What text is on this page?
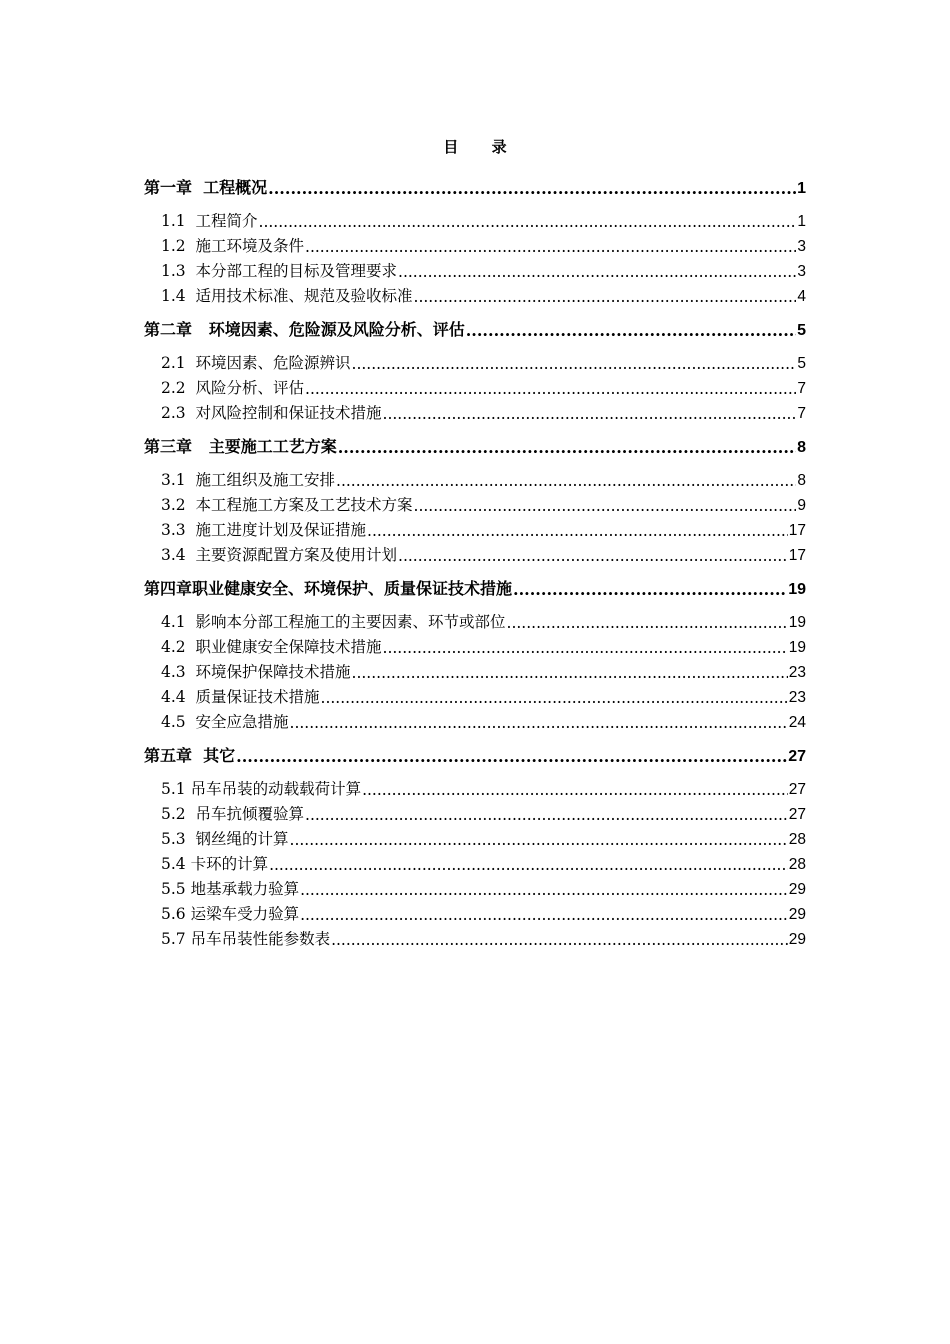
目 录
第一章  工程概况 .....	1
1.1  工程简介 .....	1
1.2  施工环境及条件 .....	3
1.3  本分部工程的目标及管理要求 .....	3
1.4  适用技术标准、规范及验收标准 .....	4
第二章   环境因素、危险源及风险分析、评估 .....	5
2.1  环境因素、危险源辨识 .....	5
2.2  风险分析、评估 .....	7
2.3  对风险控制和保证技术措施 .....	7
第三章   主要施工工艺方案 .....	8
3.1  施工组织及施工安排 .....	8
3.2  本工程施工方案及工艺技术方案 .....	9
3.3  施工进度计划及保证措施 .....	17
3.4  主要资源配置方案及使用计划 .....	17
第四章职业健康安全、环境保护、质量保证技术措施 .....	19
4.1  影响本分部工程施工的主要因素、环节或部位 .....	19
4.2  职业健康安全保障技术措施 .....	19
4.3  环境保护保障技术措施 .....	23
4.4  质量保证技术措施 .....	23
4.5  安全应急措施 .....	24
第五章  其它 .....	27
5.1 吊车吊装的动载载荷计算 .....	27
5.2  吊车抗倾覆验算 .....	27
5.3  钢丝绳的计算 .....	28
5.4 卡环的计算 .....	28
5.5 地基承载力验算 .....	29
5.6 运梁车受力验算 .....	29
5.7 吊车吊装性能参数表 .....	29
